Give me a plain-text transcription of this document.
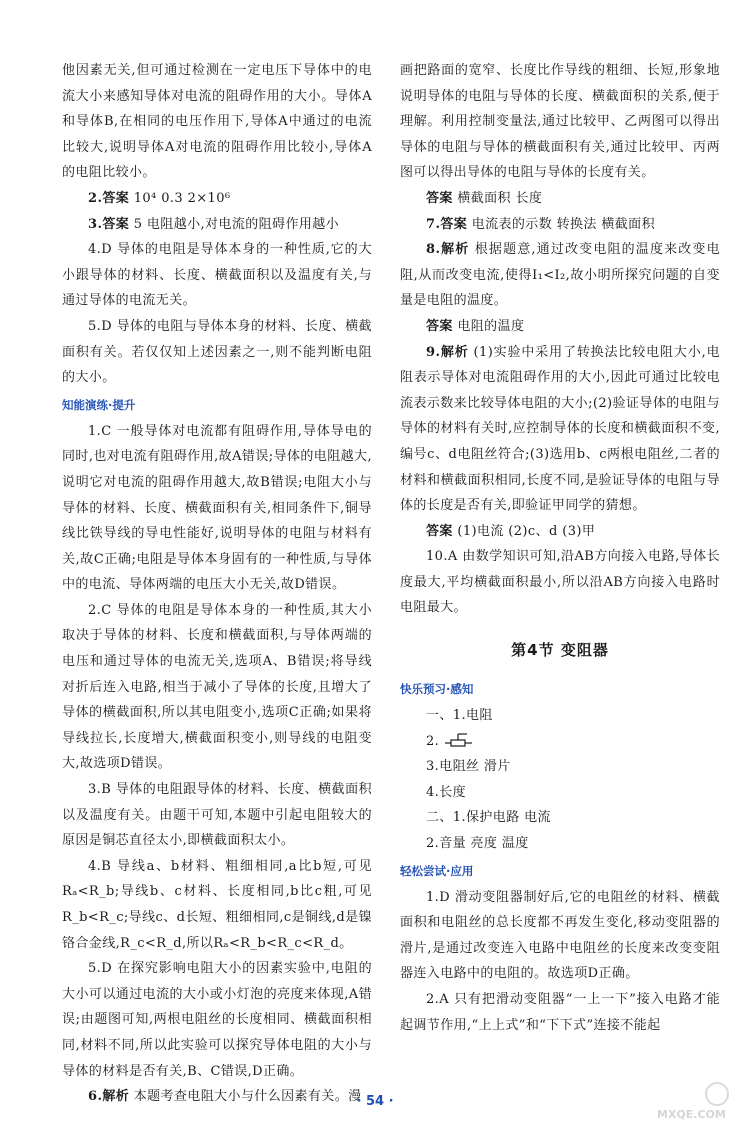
他因素无关,但可通过检测在一定电压下导体中的电流大小来感知导体对电流的阻碍作用的大小。导体A和导体B,在相同的电压作用下,导体A中通过的电流比较大,说明导体A对电流的阻碍作用比较小,导体A的电阻比较小。

2.答案 10⁴ 0.3 2×10⁶

3.答案 5 电阻越小,对电流的阻碍作用越小

4.D 导体的电阻是导体本身的一种性质,它的大小跟导体的材料、长度、横截面积以及温度有关,与通过导体的电流无关。

5.D 导体的电阻与导体本身的材料、长度、横截面积有关。若仅仅知上述因素之一,则不能判断电阻的大小。

知能演练·提升

1.C 一般导体对电流都有阻碍作用,导体导电的同时,也对电流有阻碍作用,故A错误;导体的电阻越大,说明它对电流的阻碍作用越大,故B错误;电阻大小与导体的材料、长度、横截面积有关,相同条件下,铜导线比铁导线的导电性能好,说明导体的电阻与材料有关,故C正确;电阻是导体本身固有的一种性质,与导体中的电流、导体两端的电压大小无关,故D错误。

2.C 导体的电阻是导体本身的一种性质,其大小取决于导体的材料、长度和横截面积,与导体两端的电压和通过导体的电流无关,选项A、B错误;将导线对折后连入电路,相当于减小了导体的长度,且增大了导体的横截面积,所以其电阻变小,选项C正确;如果将导线拉长,长度增大,横截面积变小,则导线的电阻变大,故选项D错误。

3.B 导体的电阻跟导体的材料、长度、横截面积以及温度有关。由题干可知,本题中引起电阻较大的原因是铜芯直径太小,即横截面积太小。

4.B 导线a、b材料、粗细相同,a比b短,可见Rₐ<R_b;导线b、c材料、长度相同,b比c粗,可见R_b<R_c;导线c、d长短、粗细相同,c是铜线,d是镍铬合金线,R_c<R_d,所以Rₐ<R_b<R_c<R_d。

5.D 在探究影响电阻大小的因素实验中,电阻的大小可以通过电流的大小或小灯泡的亮度来体现,A错误;由题图可知,两根电阻丝的长度相同、横截面积相同,材料不同,所以此实验可以探究导体电阻的大小与导体的材料是否有关,B、C错误,D正确。

6.解析 本题考查电阻大小与什么因素有关。漫

画把路面的宽窄、长度比作导线的粗细、长短,形象地说明导体的电阻与导体的长度、横截面积的关系,便于理解。利用控制变量法,通过比较甲、乙两图可以得出导体的电阻与导体的横截面积有关,通过比较甲、丙两图可以得出导体的电阻与导体的长度有关。

答案 横截面积 长度

7.答案 电流表的示数 转换法 横截面积

8.解析 根据题意,通过改变电阻的温度来改变电阻,从而改变电流,使得I₁<I₂,故小明所探究问题的自变量是电阻的温度。

答案 电阻的温度

9.解析 (1)实验中采用了转换法比较电阻大小,电阻表示导体对电流阻碍作用的大小,因此可通过比较电流表示数来比较导体电阻的大小;(2)验证导体的电阻与导体的材料有关时,应控制导体的长度和横截面积不变,编号c、d电阻丝符合;(3)选用b、c两根电阻丝,二者的材料和横截面积相同,长度不同,是验证导体的电阻与导体的长度是否有关,即验证甲同学的猜想。

答案 (1)电流 (2)c、d (3)甲

10.A 由数学知识可知,沿AB方向接入电路,导体长度最大,平均横截面积最小,所以沿AB方向接入电路时电阻最大。

第4节 变阻器
快乐预习·感知

一、1.电阻

2.

3.电阻丝 滑片

4.长度

二、1.保护电路 电流

2.音量 亮度 温度

轻松尝试·应用

1.D 滑动变阻器制好后,它的电阻丝的材料、横截面积和电阻丝的总长度都不再发生变化,移动变阻器的滑片,是通过改变连入电路中电阻丝的长度来改变变阻器连入电路中的电阻的。故选项D正确。

2.A 只有把滑动变阻器“一上一下”接入电路才能起调节作用,“上上式”和“下下式”连接不能起

· 54 ·
MXQE.COM
